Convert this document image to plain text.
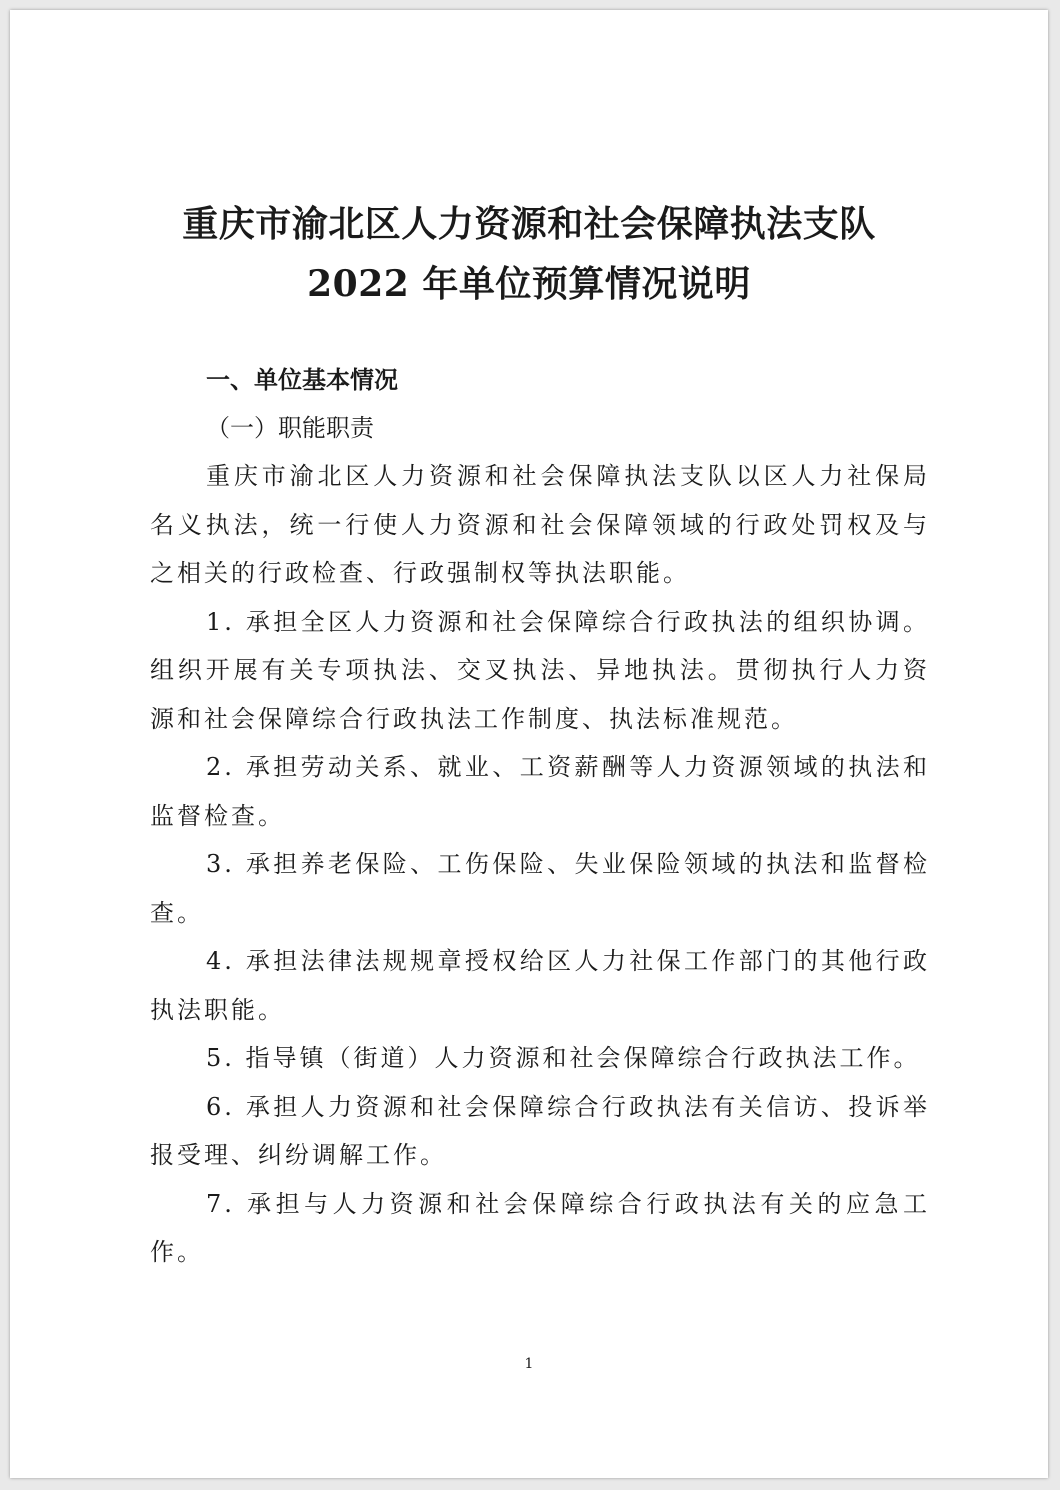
重庆市渝北区人力资源和社会保障执法支队
2022 年单位预算情况说明
一、单位基本情况
（一）职能职责

重庆市渝北区人力资源和社会保障执法支队以区人力社保局名义执法，统一行使人力资源和社会保障领域的行政处罚权及与之相关的行政检查、行政强制权等执法职能。

1. 承担全区人力资源和社会保障综合行政执法的组织协调。组织开展有关专项执法、交叉执法、异地执法。贯彻执行人力资源和社会保障综合行政执法工作制度、执法标准规范。

2. 承担劳动关系、就业、工资薪酬等人力资源领域的执法和监督检查。

3. 承担养老保险、工伤保险、失业保险领域的执法和监督检查。

4. 承担法律法规规章授权给区人力社保工作部门的其他行政执法职能。

5. 指导镇（街道）人力资源和社会保障综合行政执法工作。

6. 承担人力资源和社会保障综合行政执法有关信访、投诉举报受理、纠纷调解工作。

7. 承担与人力资源和社会保障综合行政执法有关的应急工作。

1
